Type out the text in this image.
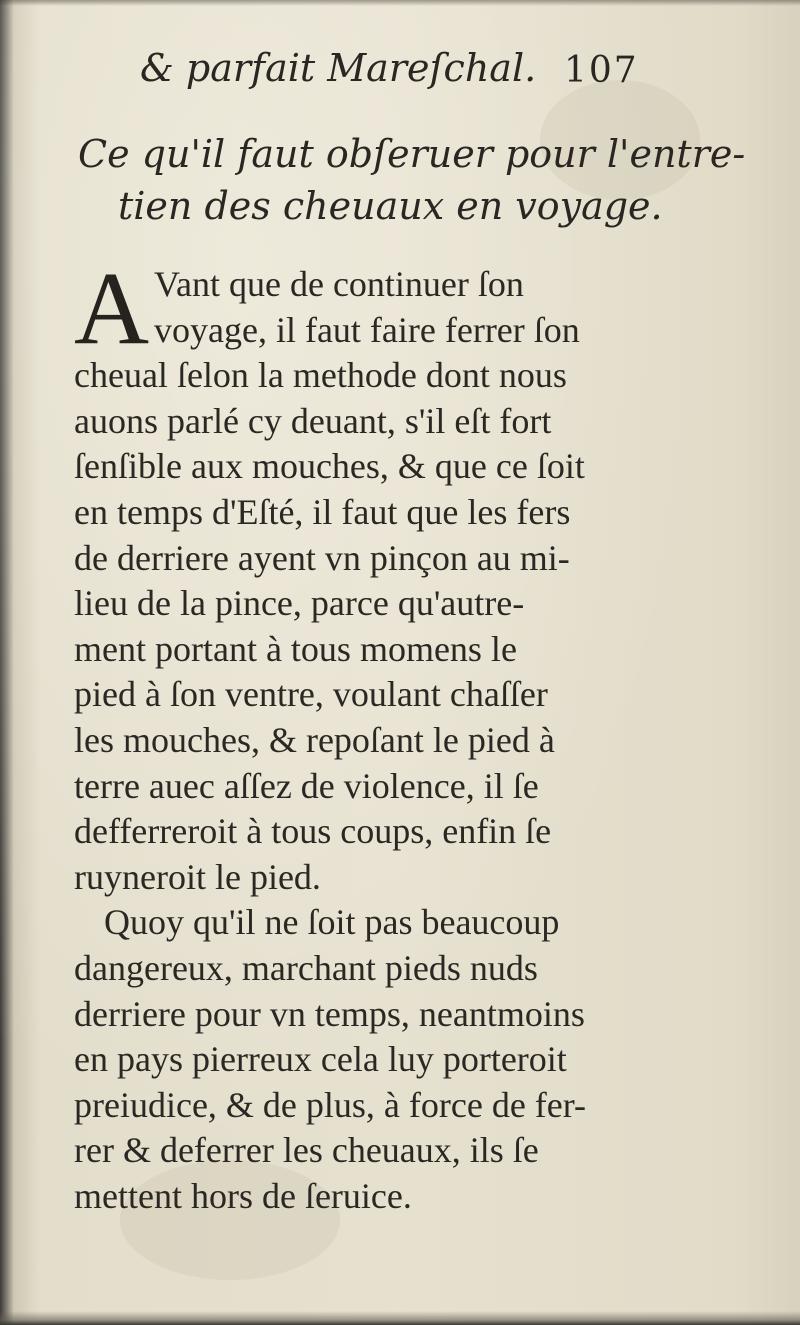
& parfait Mareſchal. 107
Ce qu'il faut obſeruer pour l'entre-
tien des cheuaux en voyage.
A Vant que de continuer ſon
voyage, il faut faire ferrer ſon
cheual ſelon la methode dont nous
auons parlé cy deuant, s'il eſt fort
ſenſible aux mouches, & que ce ſoit
en temps d'Eſté, il faut que les fers
de derriere ayent vn pinçon au mi-
lieu de la pince, parce qu'autre-
ment portant à tous momens le
pied à ſon ventre, voulant chaſſer
les mouches, & repoſant le pied à
terre auec aſſez de violence, il ſe
defferreroit à tous coups, enfin ſe
ruyneroit le pied.
Quoy qu'il ne ſoit pas beaucoup
dangereux, marchant pieds nuds
derriere pour vn temps, neantmoins
en pays pierreux cela luy porteroit
preiudice, & de plus, à force de fer-
rer & deferrer les cheuaux, ils ſe
mettent hors de ſeruice.
